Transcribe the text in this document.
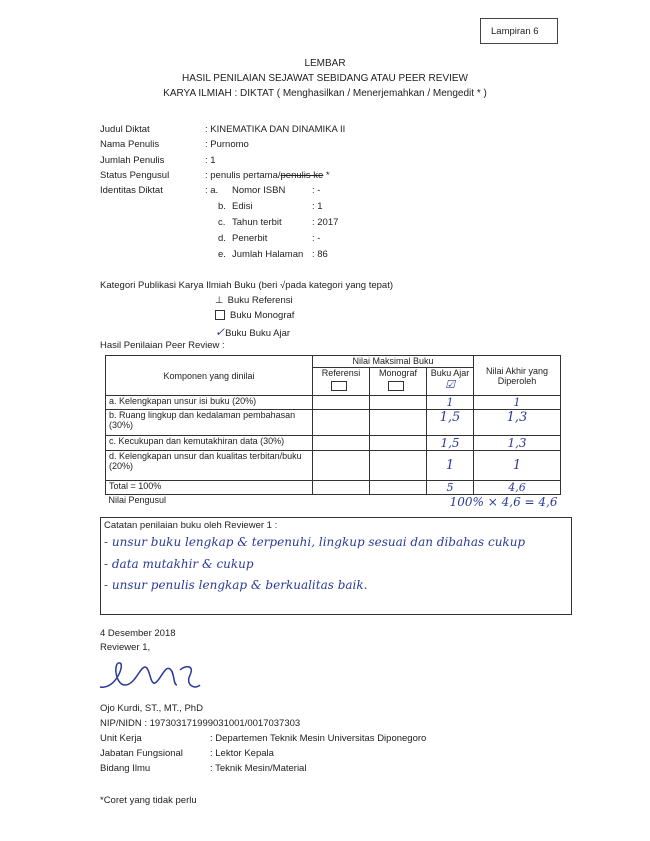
Lampiran 6
LEMBAR
HASIL PENILAIAN SEJAWAT SEBIDANG ATAU PEER REVIEW
KARYA ILMIAH : DIKTAT ( Menghasilkan / Menerjemahkan / Mengedit * )
Judul Diktat	: KINEMATIKA DAN DINAMIKA II
Nama Penulis	: Purnomo
Jumlah Penulis	: 1
Status Pengusul	: penulis pertama/penulis ke *
Identitas Diktat	: a. Nomor ISBN	: -
b. Edisi	: 1
c. Tahun terbit	: 2017
d. Penerbit	: -
e. Jumlah Halaman : 86
Kategori Publikasi Karya Ilmiah Buku (beri √pada kategori yang tepat)
⊥ Buku Referensi
Buku Monograf
✓Buku Buku Ajar
Hasil Penilaian Peer Review :
Komponen yang dinilai	Nilai Maksimal Buku			Nilai Akhir yang Diperoleh

	Referensi	Monograf	Buku Ajar
☑	
a. Kelengkapan unsur isi buku (20%)			1	1
b. Ruang lingkup dan kedalaman pembahasan (30%)			1,5	1,3
c. Kecukupan dan kemutakhiran data (30%)			1,5	1,3
d. Kelengkapan unsur dan kualitas terbitan/buku (20%)			1	1
Total = 100%			5	4,6
Nilai Pengusul			100% × 4,6 = 4,6	
Catatan penilaian buku oleh Reviewer 1 :
- unsur buku lengkap & terpenuhi, lingkup sesuai dan dibahas cukup
- data mutakhir & cukup
- unsur penulis lengkap & berkualitas baik.
4 Desember 2018
Reviewer 1,
Ojo Kurdi, ST., MT., PhD
NIP/NIDN : 197303171999031001/0017037303
Unit Kerja	: Departemen Teknik Mesin Universitas Diponegoro
Jabatan Fungsional	: Lektor Kepala
Bidang Ilmu	: Teknik Mesin/Material
*Coret yang tidak perlu
